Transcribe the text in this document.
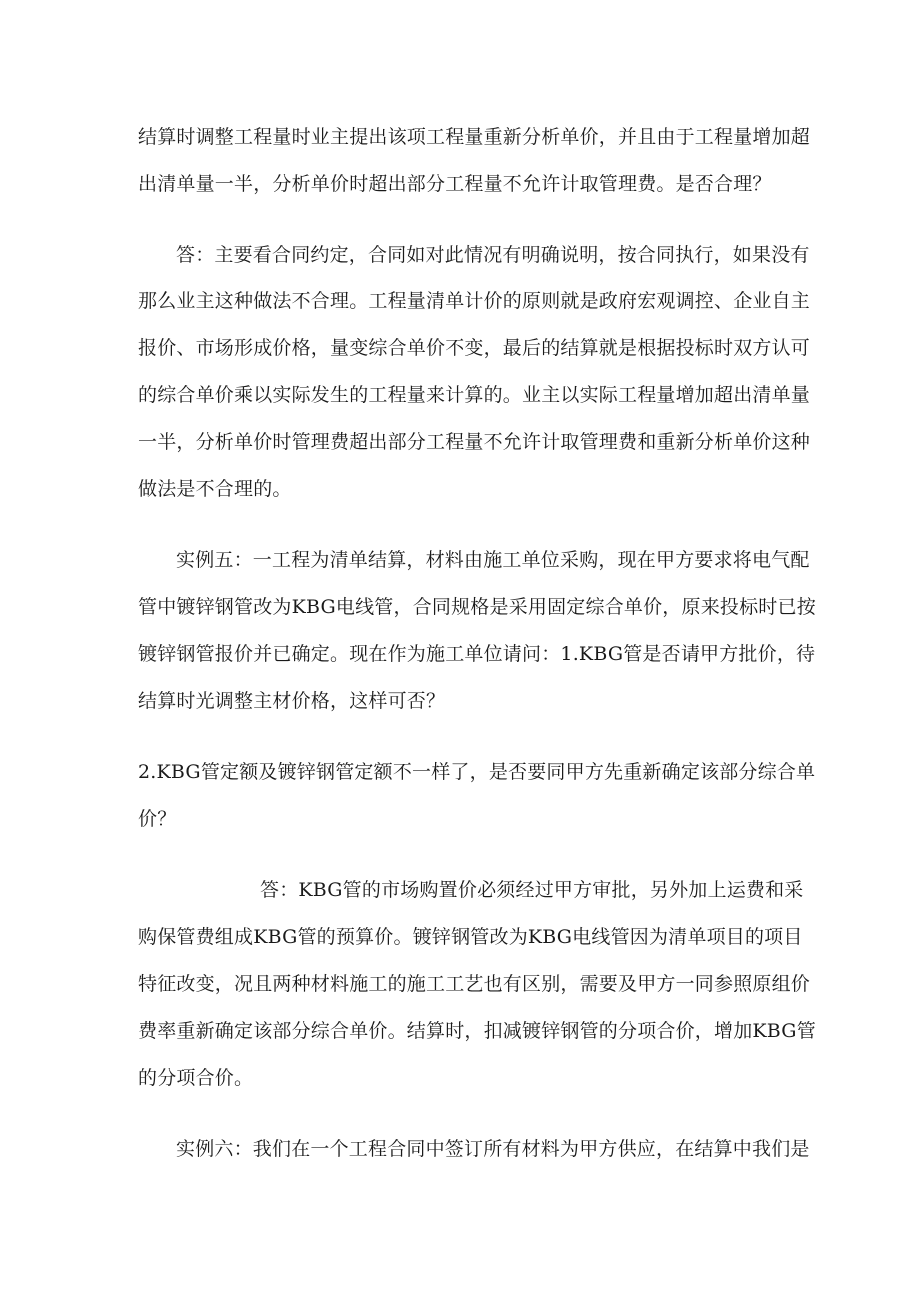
结算时调整工程量时业主提出该项工程量重新分析单价，并且由于工程量增加超
出清单量一半，分析单价时超出部分工程量不允许计取管理费。是否合理？
答：主要看合同约定，合同如对此情况有明确说明，按合同执行，如果没有
那么业主这种做法不合理。工程量清单计价的原则就是政府宏观调控、企业自主
报价、市场形成价格，量变综合单价不变，最后的结算就是根据投标时双方认可
的综合单价乘以实际发生的工程量来计算的。业主以实际工程量增加超出清单量
一半，分析单价时管理费超出部分工程量不允许计取管理费和重新分析单价这种
做法是不合理的。
实例五：一工程为清单结算，材料由施工单位采购，现在甲方要求将电气配
管中镀锌钢管改为KBG电线管，合同规格是采用固定综合单价，原来投标时已按
镀锌钢管报价并已确定。现在作为施工单位请问：1.KBG管是否请甲方批价，待
结算时光调整主材价格，这样可否？
2.KBG管定额及镀锌钢管定额不一样了，是否要同甲方先重新确定该部分综合单
价？
答：KBG管的市场购置价必须经过甲方审批，另外加上运费和采
购保管费组成KBG管的预算价。镀锌钢管改为KBG电线管因为清单项目的项目
特征改变，况且两种材料施工的施工工艺也有区别，需要及甲方一同参照原组价
费率重新确定该部分综合单价。结算时，扣减镀锌钢管的分项合价，增加KBG管
的分项合价。
实例六：我们在一个工程合同中签订所有材料为甲方供应，在结算中我们是
